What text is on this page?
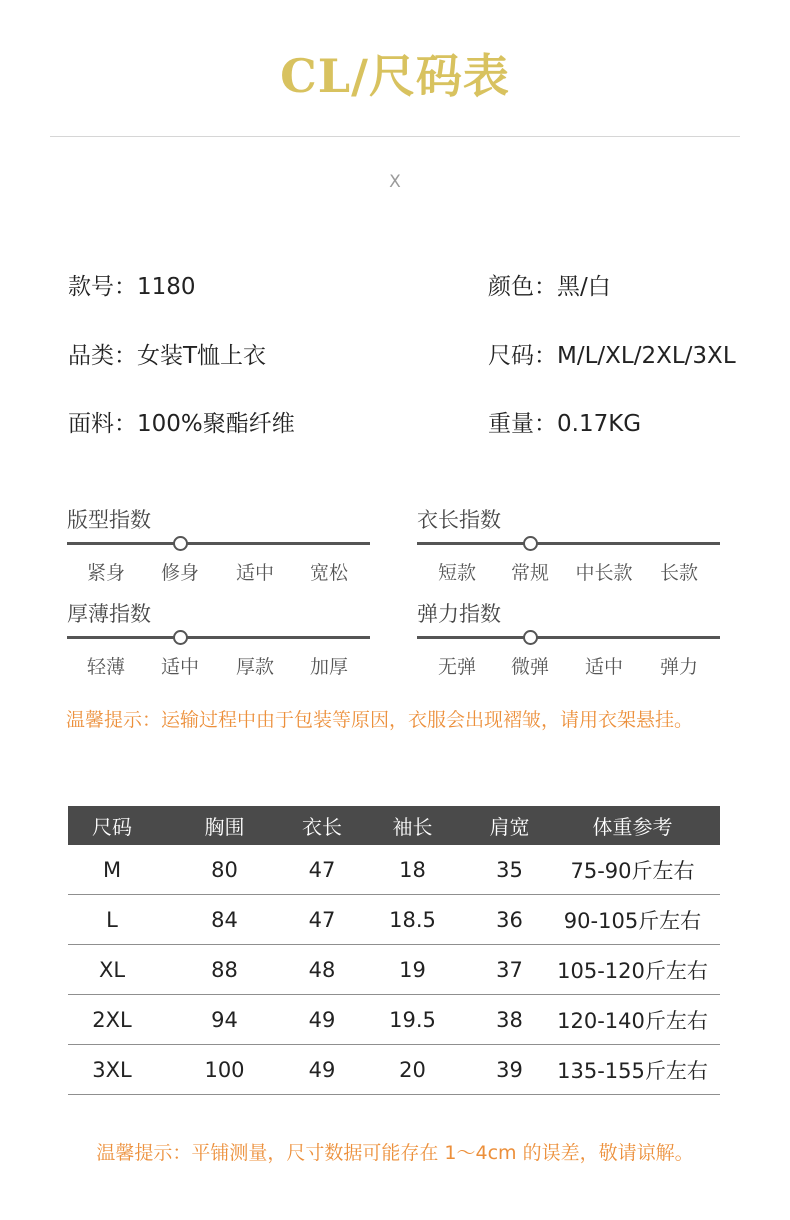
CL/尺码表
X
款号：1180	颜色：黑/白
品类：女装T恤上衣	尺码：M/L/XL/2XL/3XL
面料：100%聚酯纤维	重量：0.17KG
版型指数
紧身	修身	适中	宽松
衣长指数
短款	常规	中长款	长款
厚薄指数
轻薄	适中	厚款	加厚
弹力指数
无弹	微弹	适中	弹力
温馨提示：运输过程中由于包装等原因，衣服会出现褶皱，请用衣架悬挂。
尺码	胸围	衣长	袖长	肩宽	体重参考
M	80	47	18	35	75-90斤左右
L	84	47	18.5	36	90-105斤左右
XL	88	48	19	37	105-120斤左右
2XL	94	49	19.5	38	120-140斤左右
3XL	100	49	20	39	135-155斤左右
温馨提示：平铺测量，尺寸数据可能存在 1～4cm 的误差，敬请谅解。
